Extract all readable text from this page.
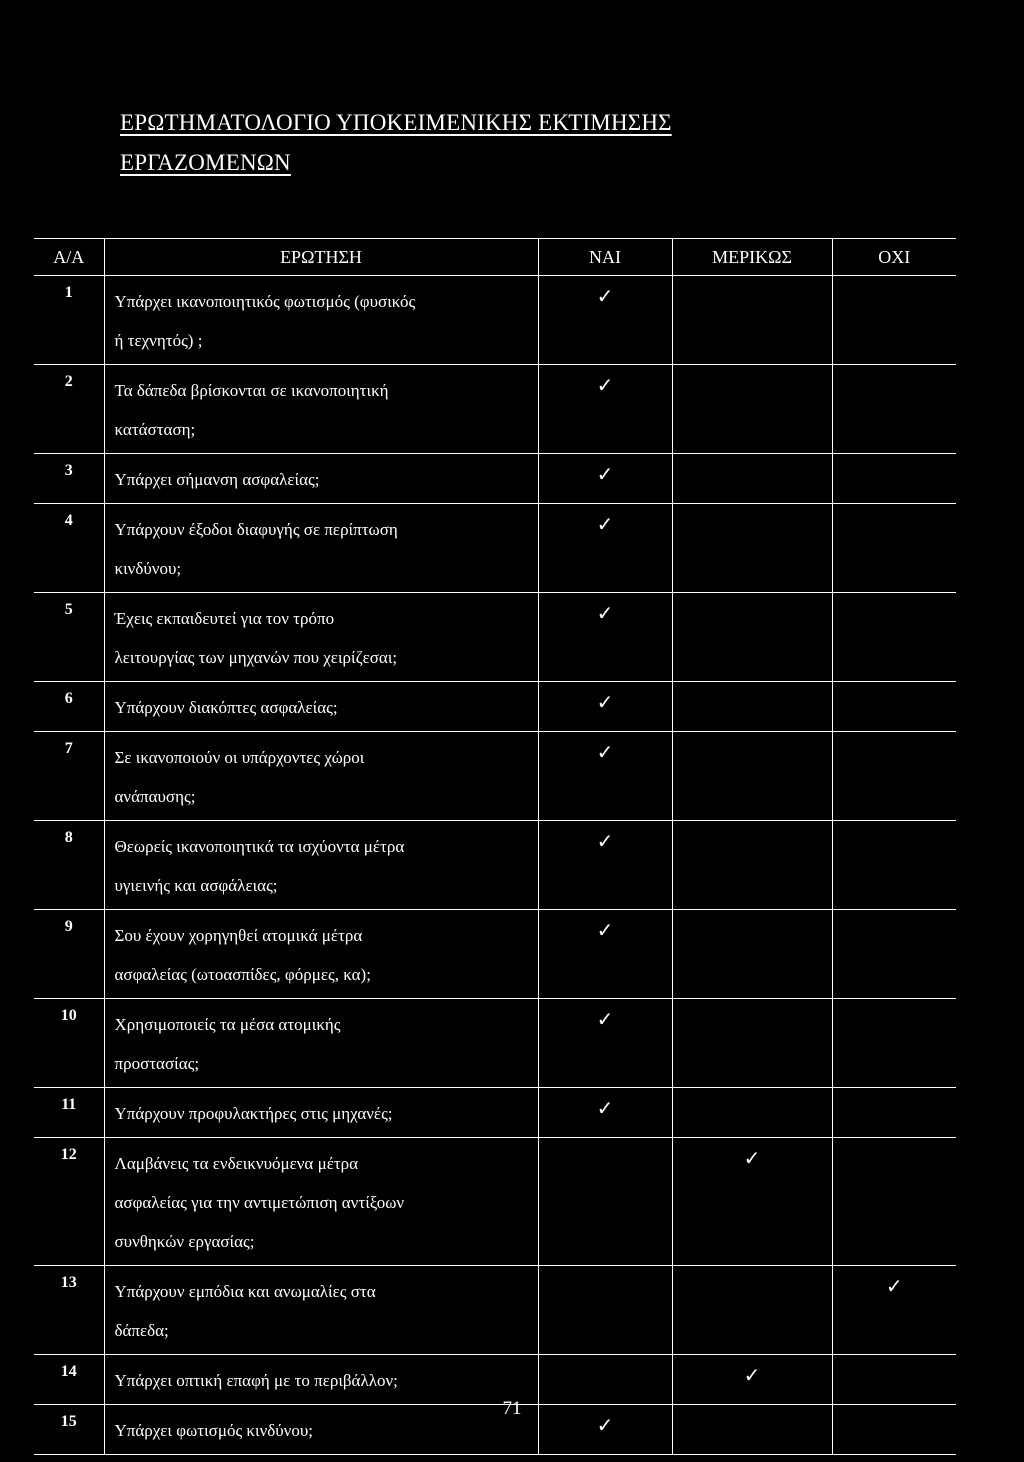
ΕΡΩΤΗΜΑΤΟΛΟΓΙΟ ΥΠΟΚΕΙΜΕΝΙΚΗΣ ΕΚΤΙΜΗΣΗΣ
ΕΡΓΑΖΟΜΕΝΩΝ
Α/Α	ΕΡΩΤΗΣΗ	ΝΑΙ	ΜΕΡΙΚΩΣ	ΟΧΙ
1	Υπάρχει ικανοποιητικός φωτισμός (φυσικός
ή τεχνητός) ;	✓		
2	Τα δάπεδα βρίσκονται σε ικανοποιητική
κατάσταση;	✓		
3	Υπάρχει σήμανση ασφαλείας;	✓		
4	Υπάρχουν έξοδοι διαφυγής σε περίπτωση
κινδύνου;	✓		
5	Έχεις εκπαιδευτεί για τον τρόπο
λειτουργίας των μηχανών που χειρίζεσαι;	✓		
6	Υπάρχουν διακόπτες ασφαλείας;	✓		
7	Σε ικανοποιούν οι υπάρχοντες χώροι
ανάπαυσης;	✓		
8	Θεωρείς ικανοποιητικά τα ισχύοντα μέτρα
υγιεινής και ασφάλειας;	✓		
9	Σου έχουν χορηγηθεί ατομικά μέτρα
ασφαλείας (ωτοασπίδες, φόρμες, κα);	✓		
10	Χρησιμοποιείς τα μέσα ατομικής
προστασίας;	✓		
11	Υπάρχουν προφυλακτήρες στις μηχανές;	✓		
12	Λαμβάνεις τα ενδεικνυόμενα μέτρα
ασφαλείας για την αντιμετώπιση αντίξοων
συνθηκών εργασίας;		✓	
13	Υπάρχουν εμπόδια και ανωμαλίες στα
δάπεδα;			✓
14	Υπάρχει οπτική επαφή με το περιβάλλον;		✓	
15	Υπάρχει φωτισμός κινδύνου;	✓		
71
